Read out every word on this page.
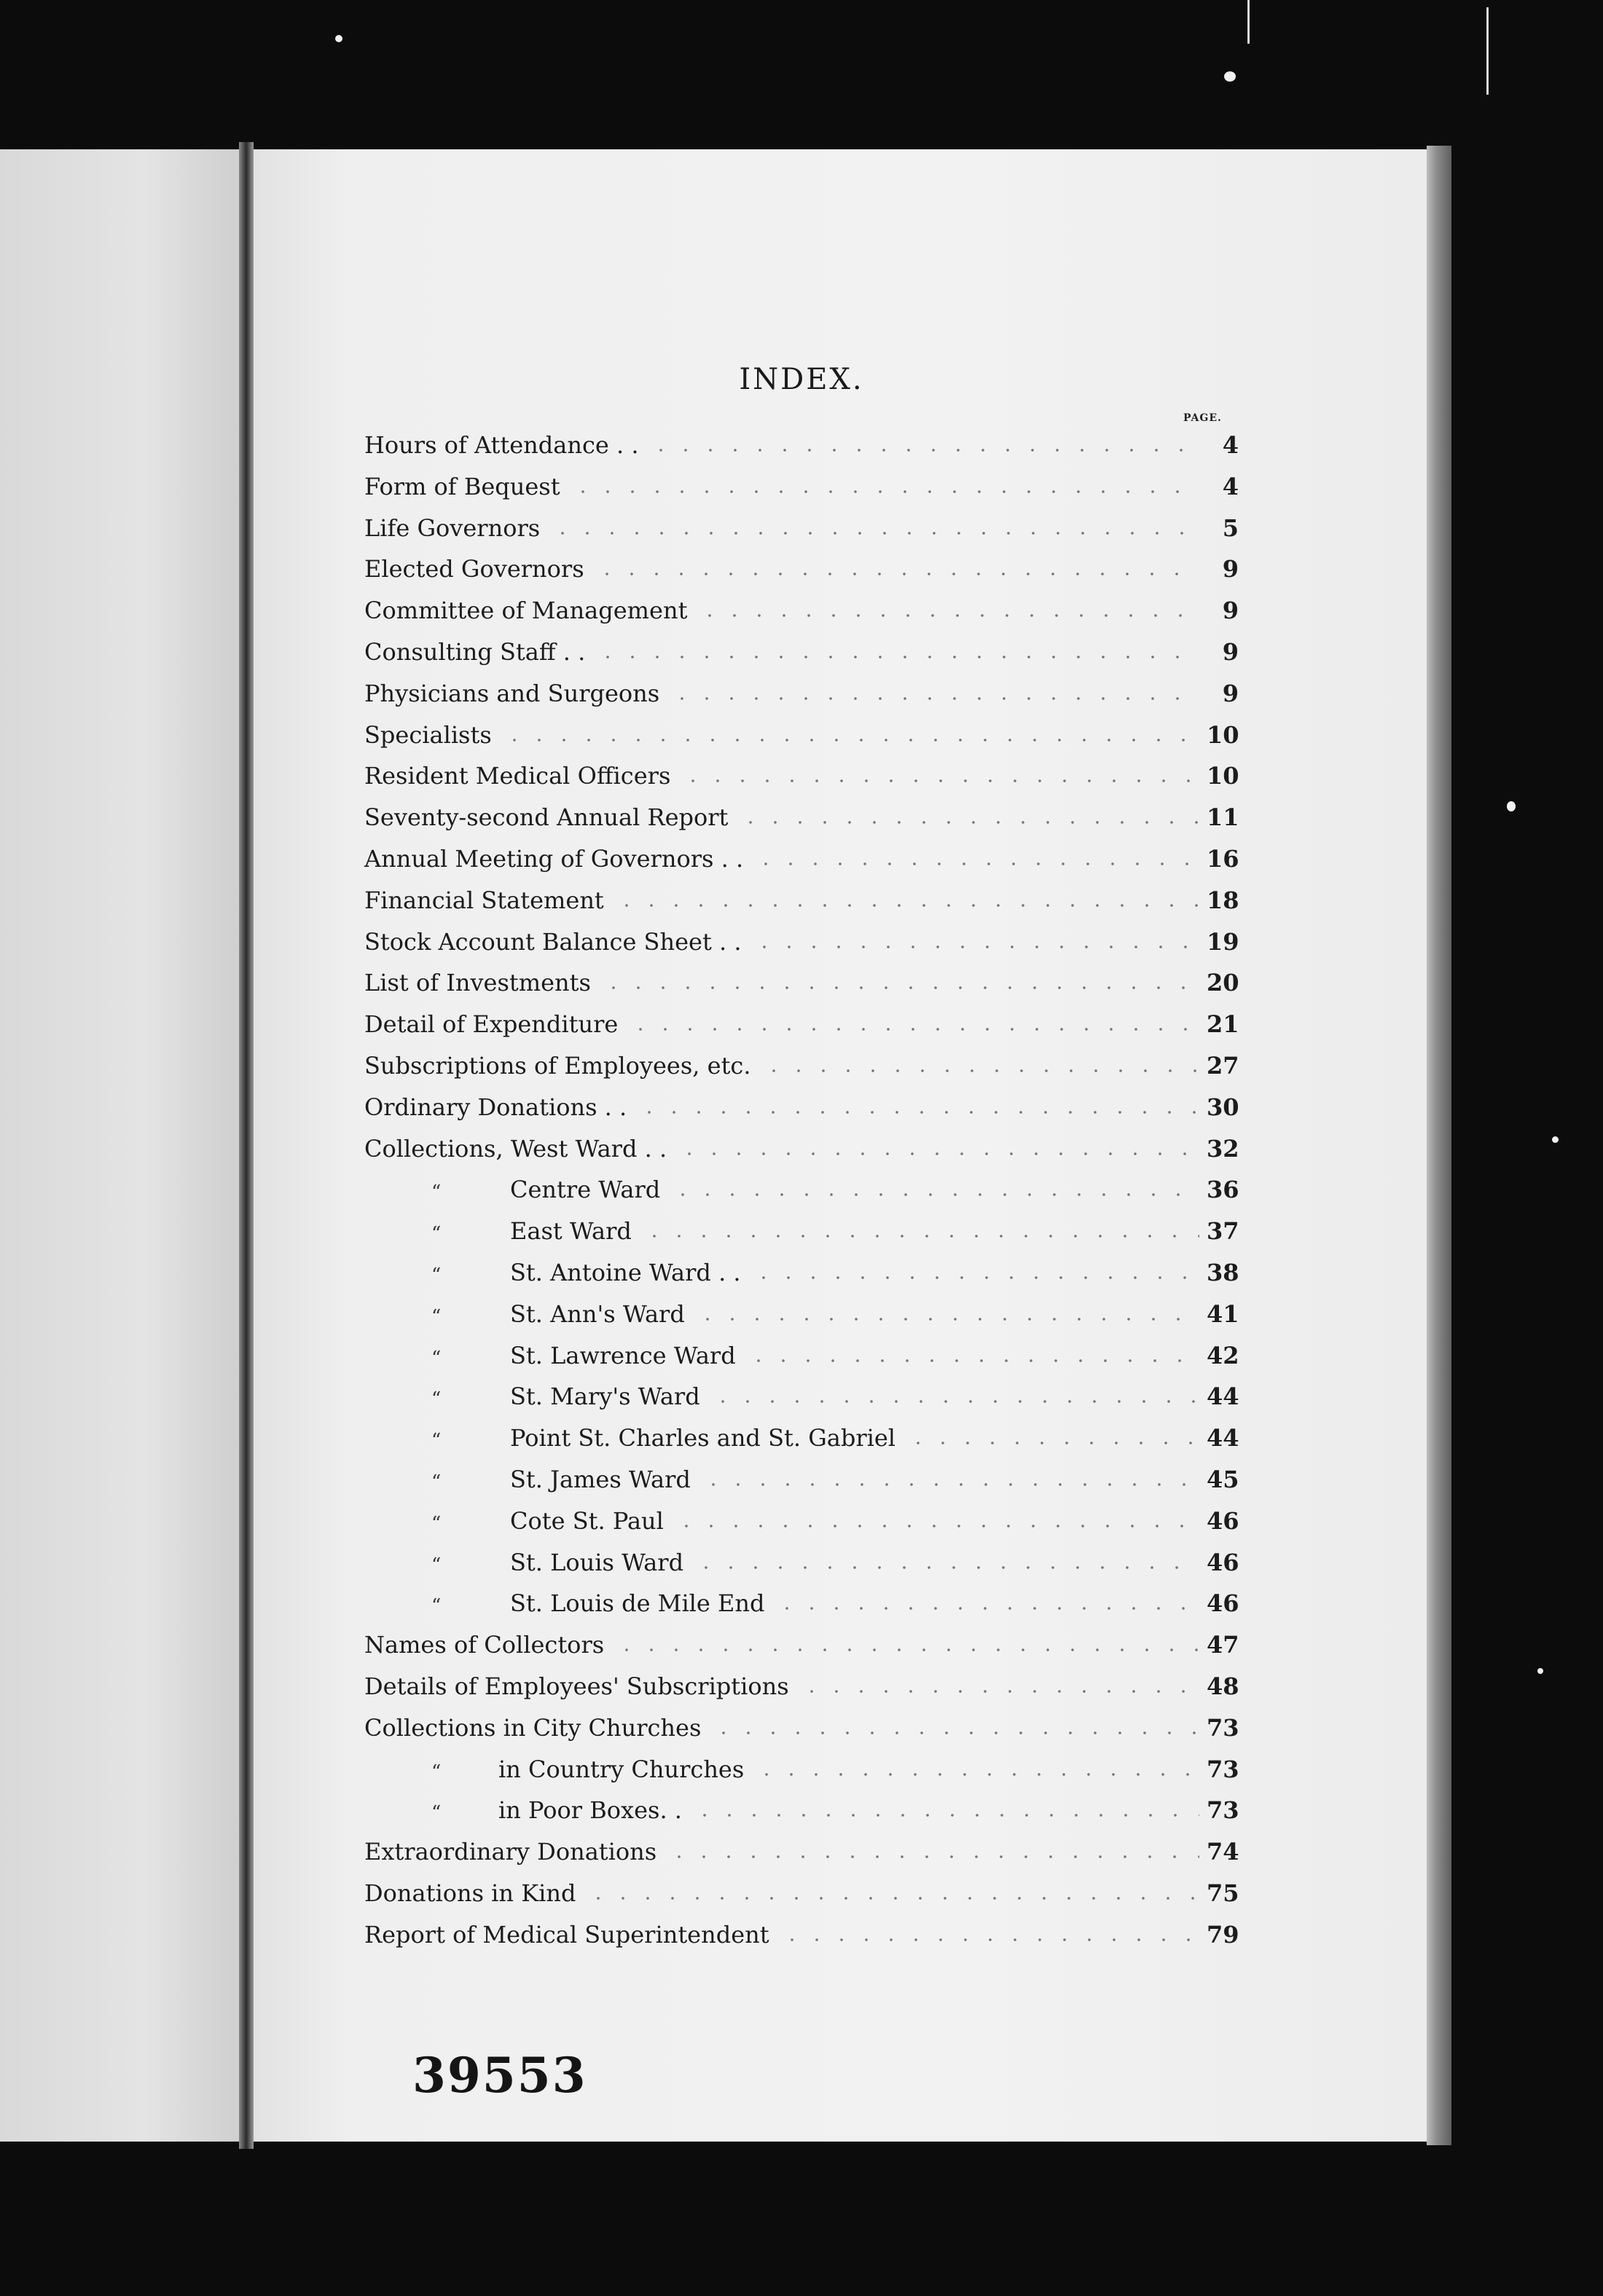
INDEX.
PAGE.
Hours of Attendance . .	4
Form of Bequest	4
Life Governors	5
Elected Governors	9
Committee of Management	9
Consulting Staff . .	9
Physicians and Surgeons	9
Specialists	10
Resident Medical Officers	10
Seventy-second Annual Report	11
Annual Meeting of Governors . .	16
Financial Statement	18
Stock Account Balance Sheet . .	19
List of Investments	20
Detail of Expenditure	21
Subscriptions of Employees, etc.	27
Ordinary Donations . .	30
Collections, West Ward . .	32
“	Centre Ward	36
“	East Ward	37
“	St. Antoine Ward . .	38
“	St. Ann's Ward	41
“	St. Lawrence Ward	42
“	St. Mary's Ward	44
“	Point St. Charles and St. Gabriel	44
“	St. James Ward	45
“	Cote St. Paul	46
“	St. Louis Ward	46
“	St. Louis de Mile End	46
Names of Collectors	47
Details of Employees' Subscriptions	48
Collections in City Churches	73
“	in Country Churches	73
“	in Poor Boxes. .	73
Extraordinary Donations	74
Donations in Kind	75
Report of Medical Superintendent	79
39553
